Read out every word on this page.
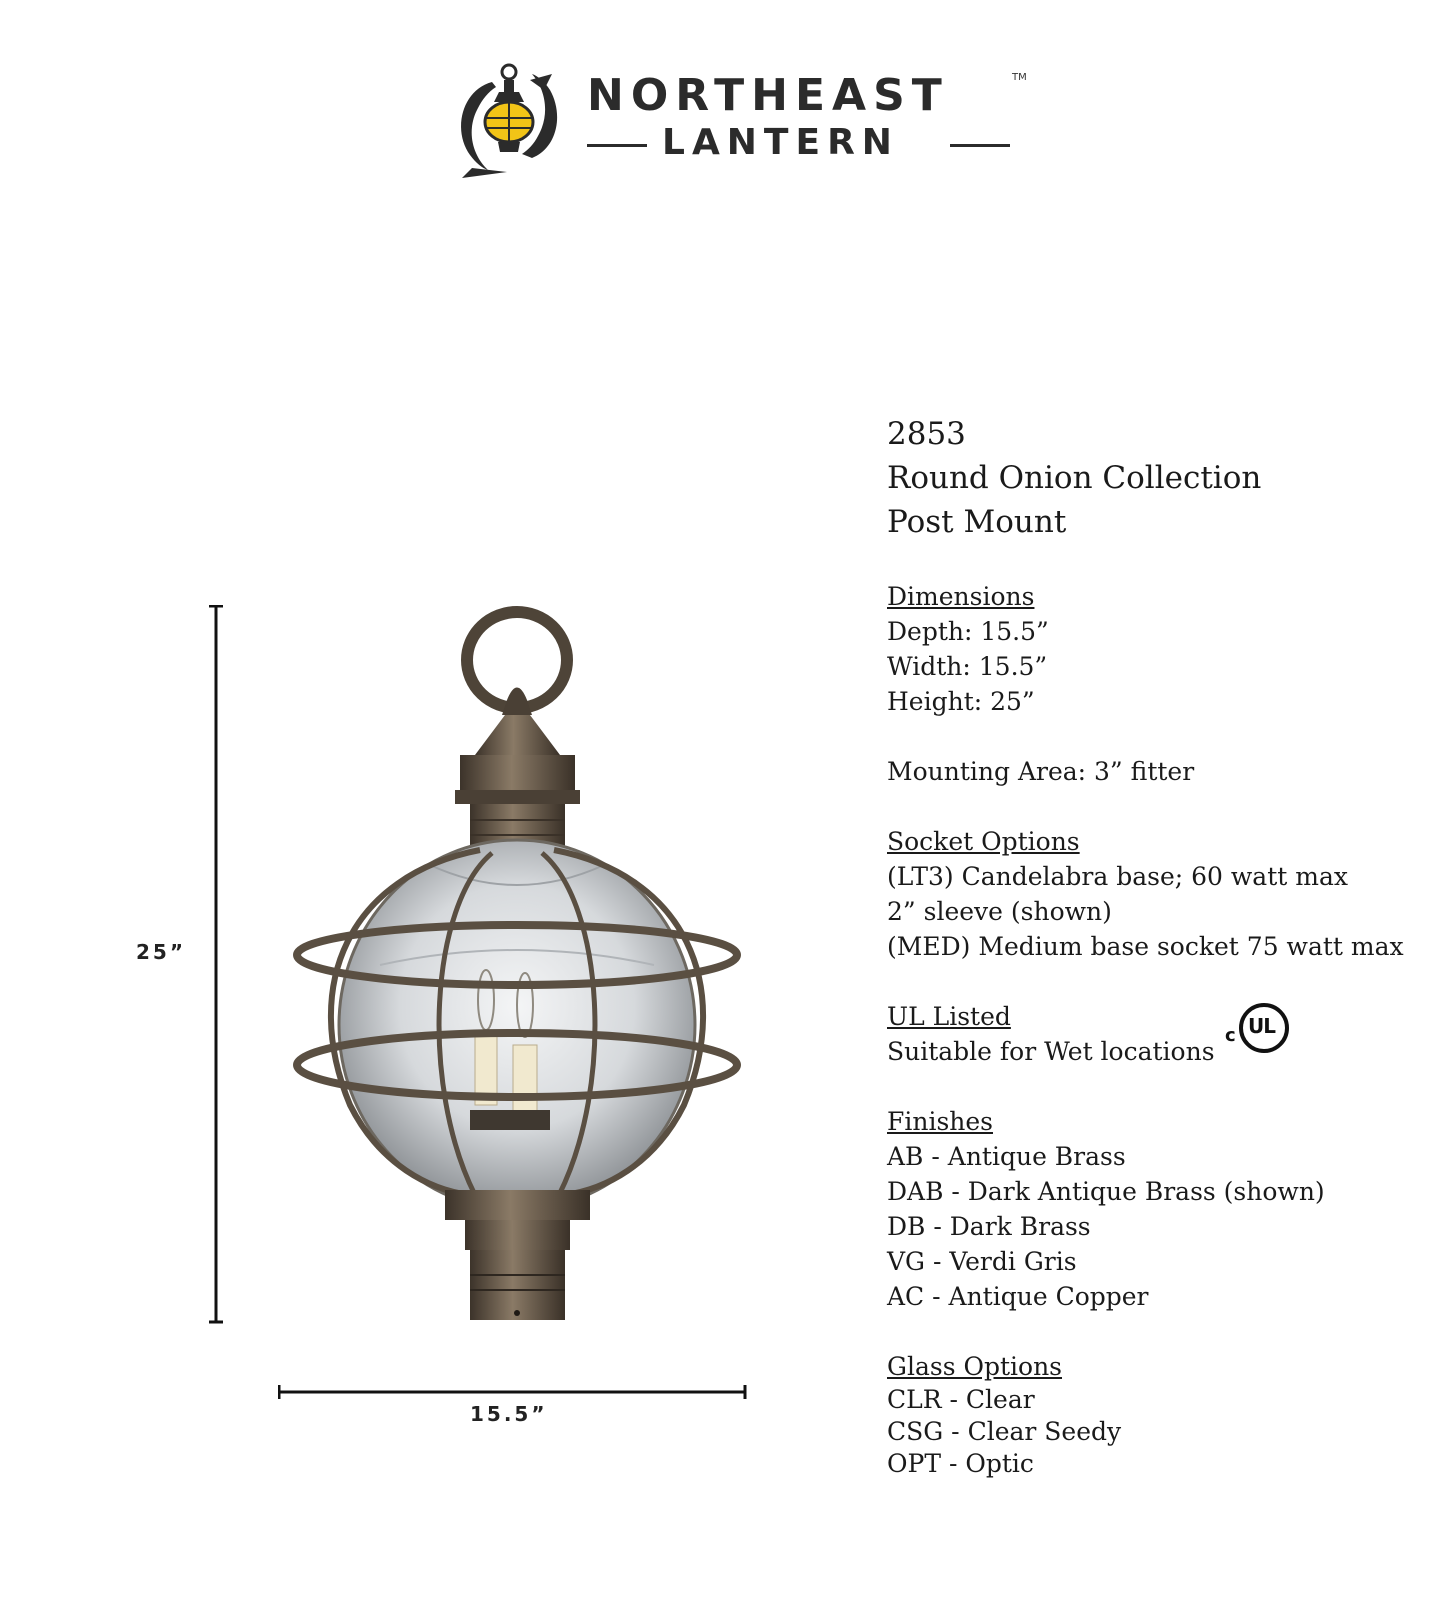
NORTHEAST	TM
LANTERN
25”
15.5”

2853

Round Onion Collection

Post Mount

Dimensions

Depth: 15.5”

Width: 15.5”

Height: 25”

Mounting Area: 3” fitter

Socket Options

(LT3) Candelabra base; 60 watt max

2” sleeve (shown)

(MED) Medium base socket 75 watt max

UL Listed

Suitable for Wet locations

c UL

Finishes

AB - Antique Brass

DAB - Dark Antique Brass (shown)

DB - Dark Brass

VG - Verdi Gris

AC - Antique Copper

Glass Options

CLR - Clear

CSG - Clear Seedy

OPT - Optic
